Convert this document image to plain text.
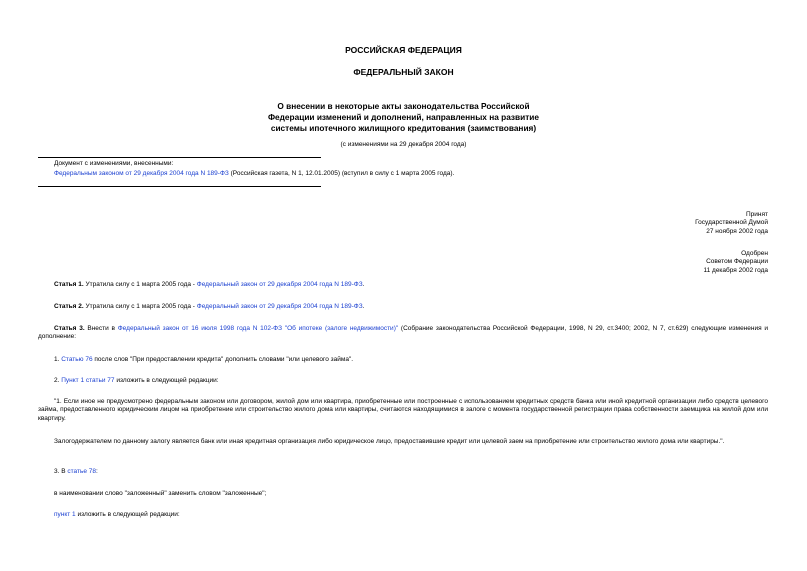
РОССИЙСКАЯ ФЕДЕРАЦИЯ
ФЕДЕРАЛЬНЫЙ ЗАКОН
О внесении в некоторые акты законодательства Российской
Федерации изменений и дополнений, направленных на развитие
системы ипотечного жилищного кредитования (заимствования)
(с изменениями на 29 декабря 2004 года)
Документ с изменениями, внесенными:
Федеральным законом от 29 декабря 2004 года N 189-ФЗ (Российская газета, N 1, 12.01.2005) (вступил в силу с 1 марта 2005 года).
Принят
Государственной Думой
27 ноября 2002 года
Одобрен
Советом Федерации
11 декабря 2002 года
Статья 1. Утратила силу с 1 марта 2005 года - Федеральный закон от 29 декабря 2004 года N 189-ФЗ.
Статья 2. Утратила силу с 1 марта 2005 года - Федеральный закон от 29 декабря 2004 года N 189-ФЗ.
Статья 3. Внести в Федеральный закон от 16 июля 1998 года N 102-ФЗ "Об ипотеке (залоге недвижимости)" (Собрание законодательства Российской Федерации, 1998, N 29, ст.3400; 2002, N 7, ст.629) следующие изменения и дополнение:
1. Статью 76 после слов "При предоставлении кредита" дополнить словами "или целевого займа".
2. Пункт 1 статьи 77 изложить в следующей редакции:
"1. Если иное не предусмотрено федеральным законом или договором, жилой дом или квартира, приобретенные или построенные с использованием кредитных средств банка или иной кредитной организации либо средств целевого займа, предоставленного юридическим лицом на приобретение или строительство жилого дома или квартиры, считаются находящимися в залоге с момента государственной регистрации права собственности заемщика на жилой дом или квартиру.
Залогодержателем по данному залогу является банк или иная кредитная организация либо юридическое лицо, предоставившие кредит или целевой заем на приобретение или строительство жилого дома или квартиры.".
3. В статье 78:
в наименовании слово "заложенный" заменить словом "заложенные";
пункт 1 изложить в следующей редакции:
